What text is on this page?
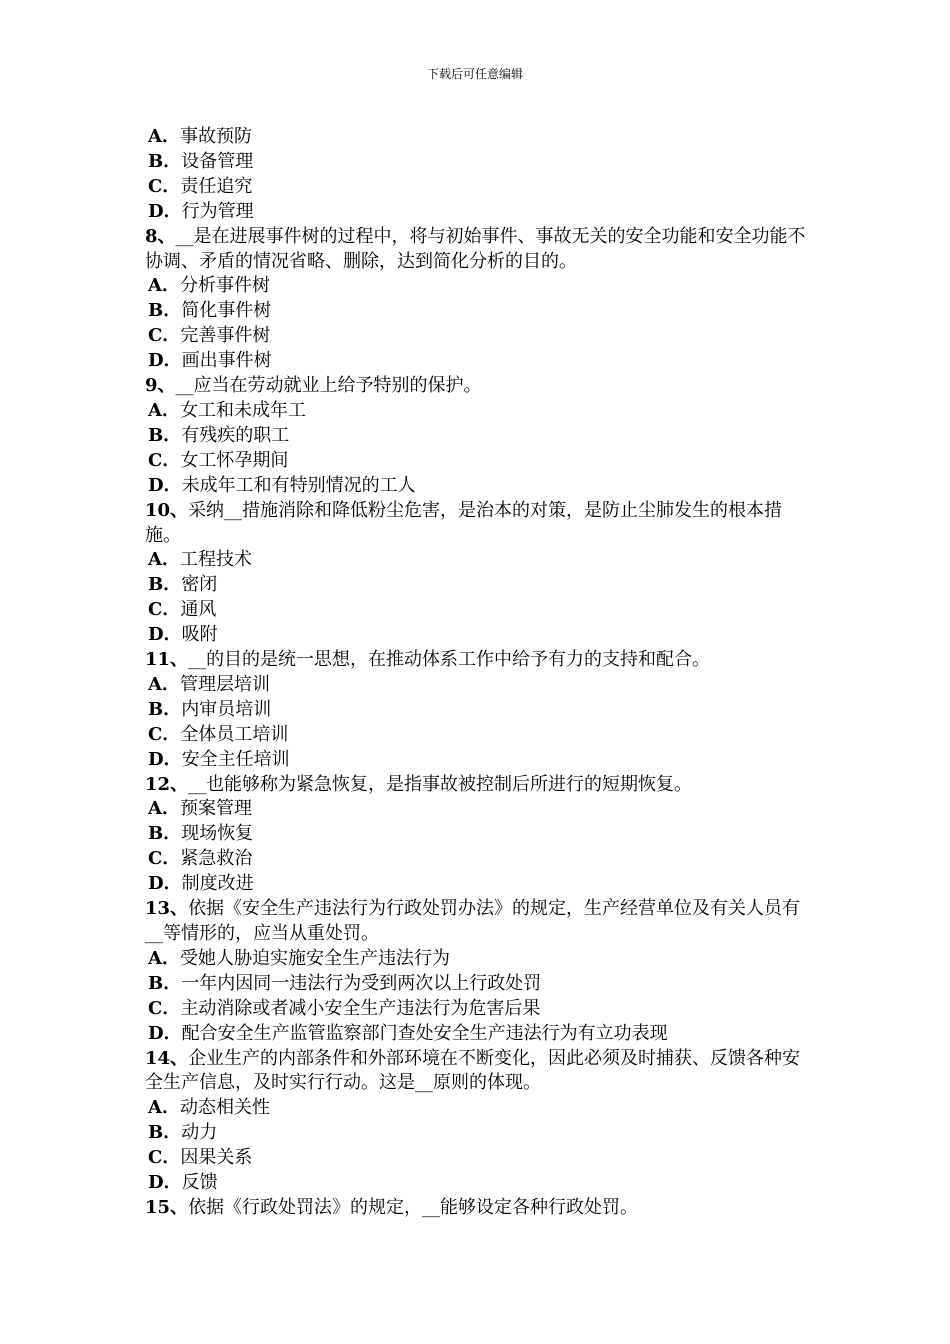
下载后可任意编辑
A．事故预防
B．设备管理
C．责任追究
D．行为管理
8、__是在进展事件树的过程中，将与初始事件、事故无关的安全功能和安全功能不协调、矛盾的情况省略、删除，达到简化分析的目的。
A．分析事件树
B．简化事件树
C．完善事件树
D．画出事件树
9、__应当在劳动就业上给予特别的保护。
A．女工和未成年工
B．有残疾的职工
C．女工怀孕期间
D．未成年工和有特别情况的工人
10、采纳__措施消除和降低粉尘危害，是治本的对策，是防止尘肺发生的根本措施。
A．工程技术
B．密闭
C．通风
D．吸附
11、__的目的是统一思想，在推动体系工作中给予有力的支持和配合。
A．管理层培训
B．内审员培训
C．全体员工培训
D．安全主任培训
12、__也能够称为紧急恢复，是指事故被控制后所进行的短期恢复。
A．预案管理
B．现场恢复
C．紧急救治
D．制度改进
13、依据《安全生产违法行为行政处罚办法》的规定，生产经营单位及有关人员有__等情形的，应当从重处罚。
A．受她人胁迫实施安全生产违法行为
B．一年内因同一违法行为受到两次以上行政处罚
C．主动消除或者减小安全生产违法行为危害后果
D．配合安全生产监管监察部门查处安全生产违法行为有立功表现
14、企业生产的内部条件和外部环境在不断变化，因此必须及时捕获、反馈各种安全生产信息，及时实行行动。这是__原则的体现。
A．动态相关性
B．动力
C．因果关系
D．反馈
15、依据《行政处罚法》的规定，__能够设定各种行政处罚。
